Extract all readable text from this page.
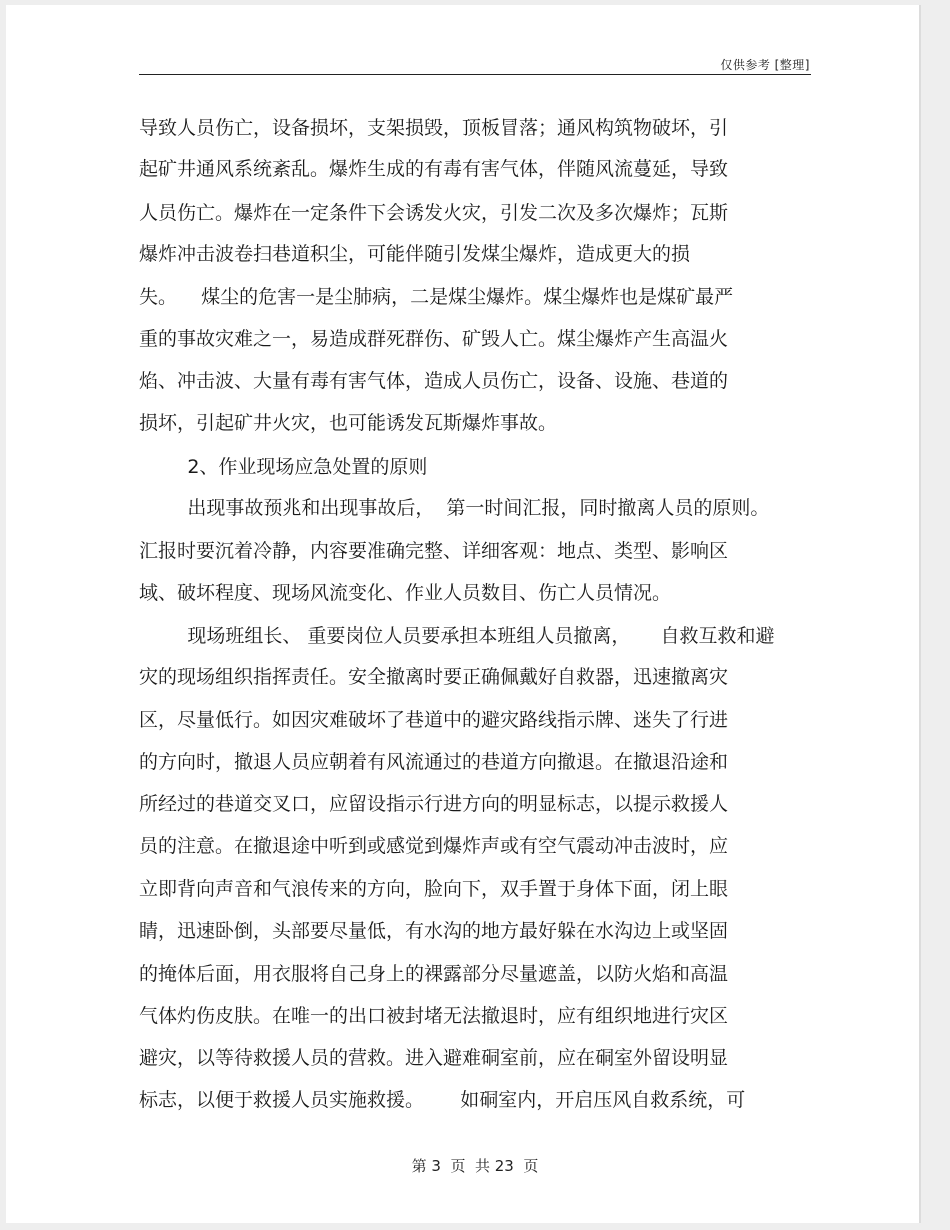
仅供参考 [整理]
导致人员伤亡，设备损坏，支架损毁，顶板冒落；通风构筑物破坏，引
起矿井通风系统紊乱。爆炸生成的有毒有害气体，伴随风流蔓延，导致
人员伤亡。爆炸在一定条件下会诱发火灾，引发二次及多次爆炸；瓦斯
爆炸冲击波卷扫巷道积尘，可能伴随引发煤尘爆炸，造成更大的损
失。    煤尘的危害一是尘肺病，二是煤尘爆炸。煤尘爆炸也是煤矿最严
重的事故灾难之一，易造成群死群伤、矿毁人亡。煤尘爆炸产生高温火
焰、冲击波、大量有毒有害气体，造成人员伤亡，设备、设施、巷道的
损坏，引起矿井火灾，也可能诱发瓦斯爆炸事故。
2、作业现场应急处置的原则
出现事故预兆和出现事故后，  第一时间汇报，同时撤离人员的原则。
汇报时要沉着冷静，内容要准确完整、详细客观：地点、类型、影响区
域、破坏程度、现场风流变化、作业人员数目、伤亡人员情况。
现场班组长、 重要岗位人员要承担本班组人员撤离，     自救互救和避
灾的现场组织指挥责任。安全撤离时要正确佩戴好自救器，迅速撤离灾
区，尽量低行。如因灾难破坏了巷道中的避灾路线指示牌、迷失了行进
的方向时，撤退人员应朝着有风流通过的巷道方向撤退。在撤退沿途和
所经过的巷道交叉口，应留设指示行进方向的明显标志，以提示救援人
员的注意。在撤退途中听到或感觉到爆炸声或有空气震动冲击波时，应
立即背向声音和气浪传来的方向，脸向下，双手置于身体下面，闭上眼
睛，迅速卧倒，头部要尽量低，有水沟的地方最好躲在水沟边上或坚固
的掩体后面，用衣服将自己身上的裸露部分尽量遮盖，以防火焰和高温
气体灼伤皮肤。在唯一的出口被封堵无法撤退时，应有组织地进行灾区
避灾，以等待救援人员的营救。进入避难硐室前，应在硐室外留设明显
标志，以便于救援人员实施救援。      如硐室内，开启压风自救系统，可
第 3  页  共 23  页
